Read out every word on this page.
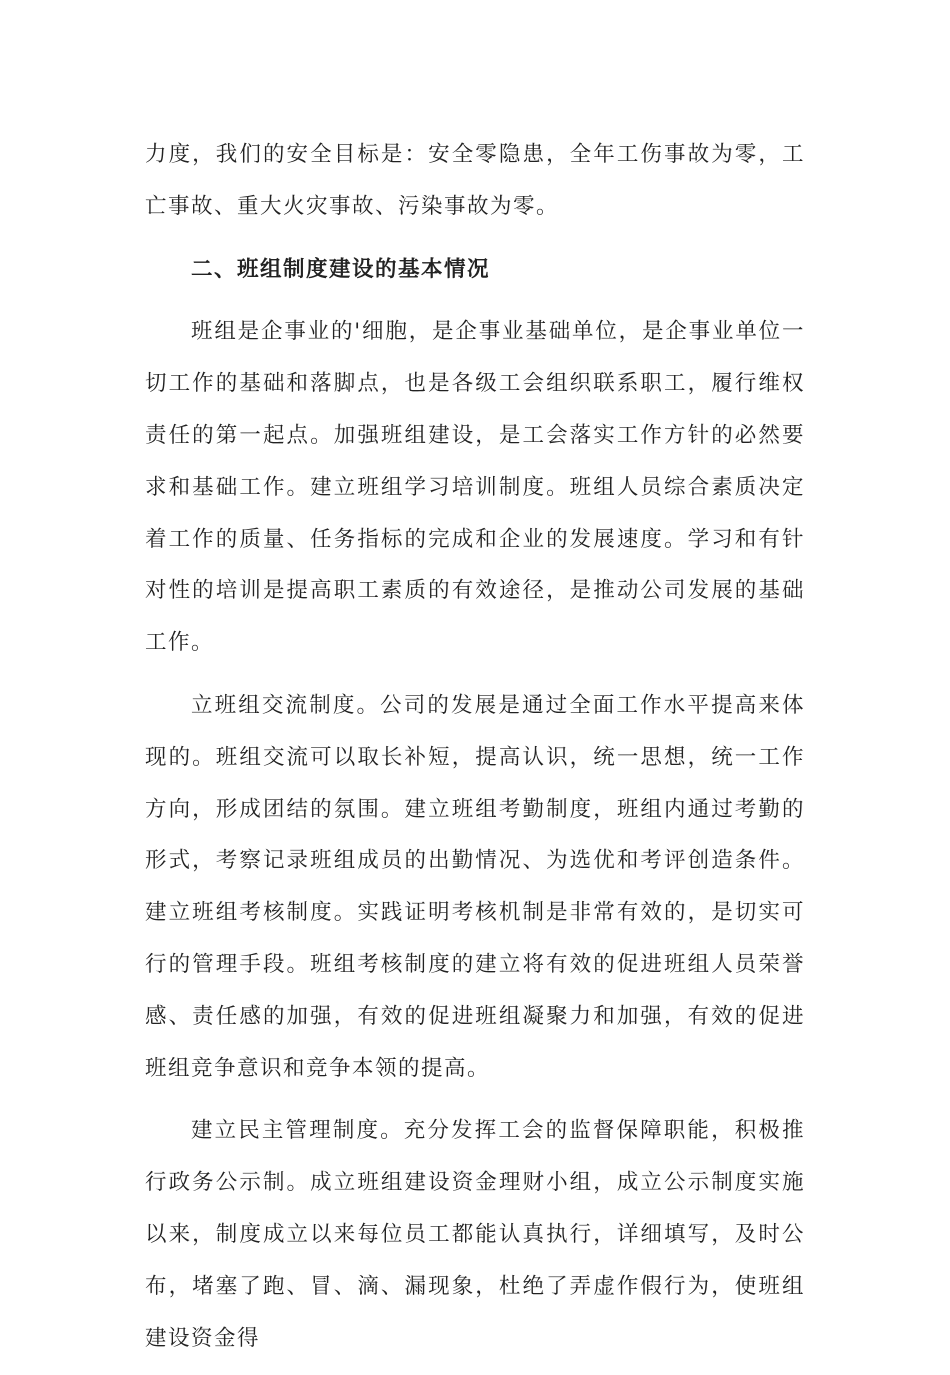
力度，我们的安全目标是：安全零隐患，全年工伤事故为零，工亡事故、重大火灾事故、污染事故为零。

二、班组制度建设的基本情况

班组是企事业的'细胞，是企事业基础单位，是企事业单位一切工作的基础和落脚点，也是各级工会组织联系职工，履行维权责任的第一起点。加强班组建设，是工会落实工作方针的必然要求和基础工作。建立班组学习培训制度。班组人员综合素质决定着工作的质量、任务指标的完成和企业的发展速度。学习和有针对性的培训是提高职工素质的有效途径，是推动公司发展的基础工作。

立班组交流制度。公司的发展是通过全面工作水平提高来体现的。班组交流可以取长补短，提高认识，统一思想，统一工作方向，形成团结的氛围。建立班组考勤制度，班组内通过考勤的形式，考察记录班组成员的出勤情况、为选优和考评创造条件。建立班组考核制度。实践证明考核机制是非常有效的，是切实可行的管理手段。班组考核制度的建立将有效的促进班组人员荣誉感、责任感的加强，有效的促进班组凝聚力和加强，有效的促进班组竞争意识和竞争本领的提高。

建立民主管理制度。充分发挥工会的监督保障职能，积极推行政务公示制。成立班组建设资金理财小组，成立公示制度实施以来，制度成立以来每位员工都能认真执行，详细填写，及时公布，堵塞了跑、冒、滴、漏现象，杜绝了弄虚作假行为，使班组建设资金得
